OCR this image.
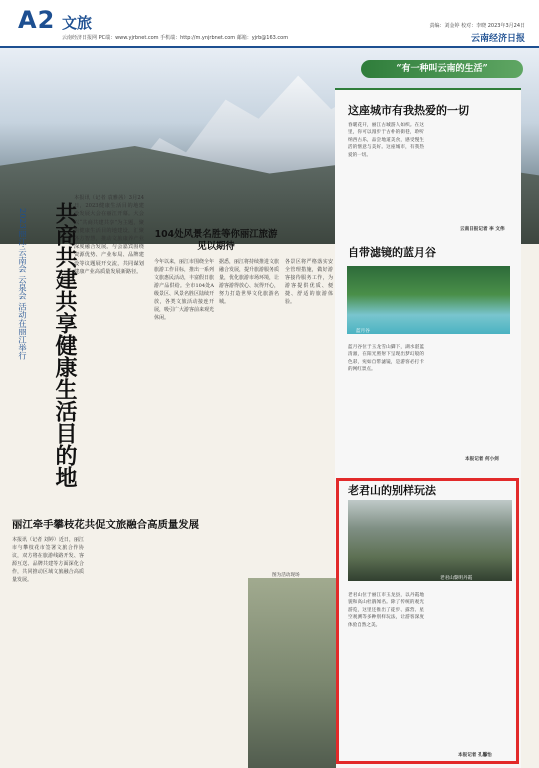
A2 文旅
云南经济日报网 PC端：www.yjrbnet.com 手机端：http://m.ynjrbnet.com 邮箱：yjrb@163.com
责编：刘金婷 校对：李晓 2023年3月24日
云南经济日报
共商共建共享健康生活目的地
2023丽江·云南会 云泉会 活动在丽江举行
本报讯（记者 袁雅茜）3月24日，2023健康生活目的地建设发展大会在丽江开幕。大会以“共商共建共享”为主题，聚焦健康生活目的地建设，汇聚各方智慧，推动文旅康养产业深度融合发展。与会嘉宾围绕资源优势、产业布局、品牌建设等议题展开交流，共同谋划健康产业高质量发展新路径。
104处风景名胜等你丽江旅游见以期待
今年以来，丽江市围绕全年旅游工作目标，推出一系列文旅惠民活动，丰富假日旅游产品供给。全市104处A级景区、风景名胜区陆续开放，各类文旅活动接连开展，吸引广大游客前来观光休闲。
据悉，丽江将持续推进文旅融合发展，提升旅游服务质量，优化旅游市场环境，让游客游得放心、玩得开心，努力打造世界文化旅游名城。
各景区将严格落实安全管理措施，做好游客接待服务工作，为游客提供优质、便捷、舒适的旅游体验。
“有一种叫云南的生活”
这座城市有我热爱的一切
春暖花开，丽江古城游人如织。在这里，你可以漫步于古朴的街巷，聆听纳西古乐，品尝地道美食，感受慢生活的惬意与美好。这座城市，有我热爱的一切。
云南日报记者 李 文伟
自带滤镜的蓝月谷
蓝月谷
蓝月谷位于玉龙雪山脚下，湖水湛蓝清澈，在阳光照射下呈现出梦幻般的色彩，宛如自带滤镜，是游客必打卡的网红景点。
本报记者 何小剑
老君山的别样玩法
老君山黎明丹霞
老君山位于丽江市玉龙县，以丹霞地貌和高山杜鹃闻名。除了传统的观光游览，这里还推出了徒步、露营、星空观测等多种别样玩法，让游客深度体验自然之美。
本报记者 孔馨怡
丽江牵手攀枝花共促文旅融合高质量发展
本报讯（记者 刘婷）近日，丽江市与攀枝花市签署文旅合作协议，双方将在旅游线路开发、客源互送、品牌共建等方面深化合作，共同推动区域文旅融合高质量发展。
图为活动现场
